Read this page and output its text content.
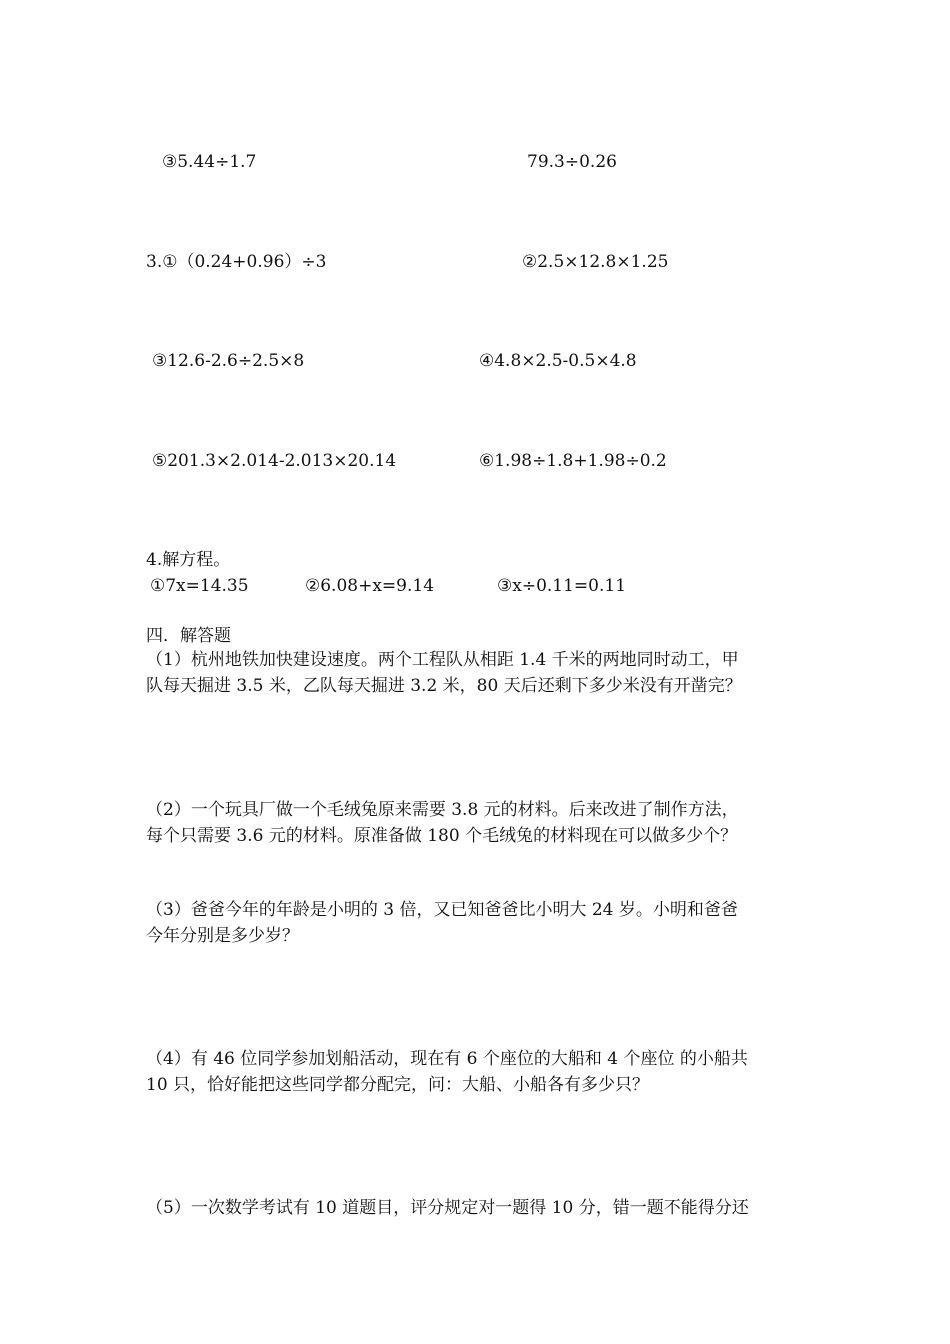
③5.44÷1.7	79.3÷0.26
3.①（0.24+0.96）÷3	②2.5×12.8×1.25
③12.6-2.6÷2.5×8	④4.8×2.5-0.5×4.8
⑤201.3×2.014-2.013×20.14	⑥1.98÷1.8+1.98÷0.2
4.解方程。
①7x=14.35	②6.08+x=9.14	③x÷0.11=0.11
四．解答题
（1）杭州地铁加快建设速度。两个工程队从相距 1.4 千米的两地同时动工，甲
队每天掘进 3.5 米，乙队每天掘进 3.2 米，80 天后还剩下多少米没有开凿完？
（2）一个玩具厂做一个毛绒兔原来需要 3.8 元的材料。后来改进了制作方法，
每个只需要 3.6 元的材料。原准备做 180 个毛绒兔的材料现在可以做多少个？
（3）爸爸今年的年龄是小明的 3 倍，又已知爸爸比小明大 24 岁。小明和爸爸
今年分别是多少岁？
（4）有 46 位同学参加划船活动，现在有 6 个座位的大船和 4 个座位 的小船共
10 只，恰好能把这些同学都分配完，问：大船、小船各有多少只？
（5）一次数学考试有 10 道题目，评分规定对一题得 10 分，错一题不能得分还
